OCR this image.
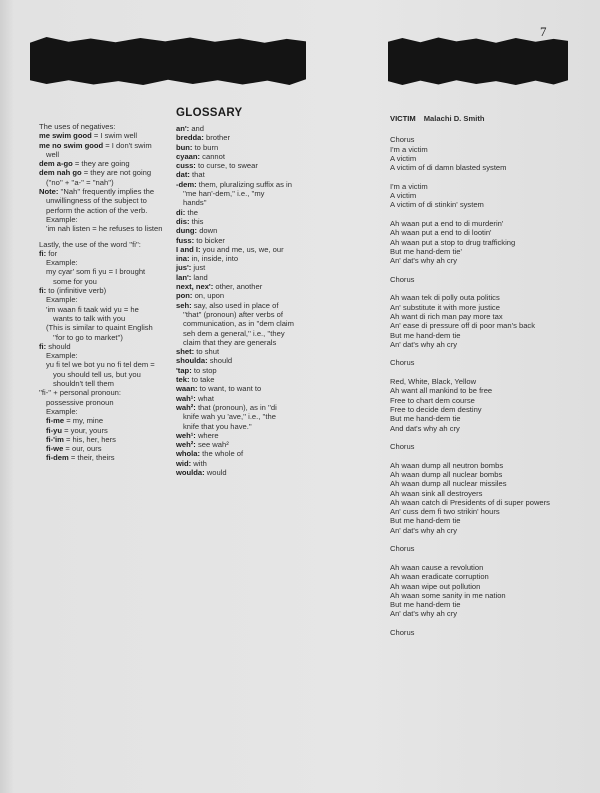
7
The uses of negatives:
me swim good = I swim well
me no swim good = I don't swim
well
dem a-go = they are going
dem nah go = they are not going
(''no'' + ''a-'' = ''nah'')
Note: ''Nah'' frequently implies the
unwillingness of the subject to
perform the action of the verb.
Example:
'im nah listen = he refuses to listen
Lastly, the use of the word ''fi'':
fi: for
Example:
my cyar' som fi yu = I brought
some for you
fi: to (infinitive verb)
Example:
'im waan fi taak wid yu = he
wants to talk with you
(This is similar to quaint English
''for to go to market'')
fi: should
Example:
yu fi tel we bot yu no fi tel dem =
you should tell us, but you
shouldn't tell them
''fi-'' + personal pronoun:
possessive pronoun
Example:
fi-me = my, mine
fi-yu = your, yours
fi-'im = his, her, hers
fi-we = our, ours
fi-dem = their, theirs
GLOSSARY
an': and
bredda: brother
bun: to burn
cyaan: cannot
cuss: to curse, to swear
dat: that
-dem: them, pluralizing suffix as in
''me han'-dem,'' i.e., ''my
hands''
di: the
dis: this
dung: down
fuss: to bicker
I and I: you and me, us, we, our
ina: in, inside, into
jus': just
lan': land
next, nex': other, another
pon: on, upon
seh: say, also used in place of
''that'' (pronoun) after verbs of
communication, as in ''dem claim
seh dem a general,'' i.e., ''they
claim that they are generals
shet: to shut
shoulda: should
'tap: to stop
tek: to take
waan: to want, to want to
wah¹: what
wah²: that (pronoun), as in ''di
knife wah yu 'ave,'' i.e., ''the
knife that you have.''
weh¹: where
weh²: see wah²
whola: the whole of
wid: with
woulda: would
VICTIM Malachi D. Smith
Chorus
I'm a victim
A victim
A victim of di damn blasted system
I'm a victim
A victim
A victim of di stinkin' system
Ah waan put a end to di murderin'
Ah waan put a end to di lootin'
Ah waan put a stop to drug trafficking
But me hand-dem tie'
An' dat's why ah cry
Chorus
Ah waan tek di polly outa politics
An' substitute it with more justice
Ah want di rich man pay more tax
An' ease di pressure off di poor man's back
But me hand-dem tie
An' dat's why ah cry
Chorus
Red, White, Black, Yellow
Ah want all mankind to be free
Free to chart dem course
Free to decide dem destiny
But me hand-dem tie
And dat's why ah cry
Chorus
Ah waan dump all neutron bombs
Ah waan dump all nuclear bombs
Ah waan dump all nuclear missiles
Ah waan sink all destroyers
Ah waan catch di Presidents of di super powers
An' cuss dem fi two strikin' hours
But me hand-dem tie
An' dat's why ah cry
Chorus
Ah waan cause a revolution
Ah waan eradicate corruption
Ah waan wipe out pollution
Ah waan some sanity in me nation
But me hand-dem tie
An' dat's why ah cry
Chorus
